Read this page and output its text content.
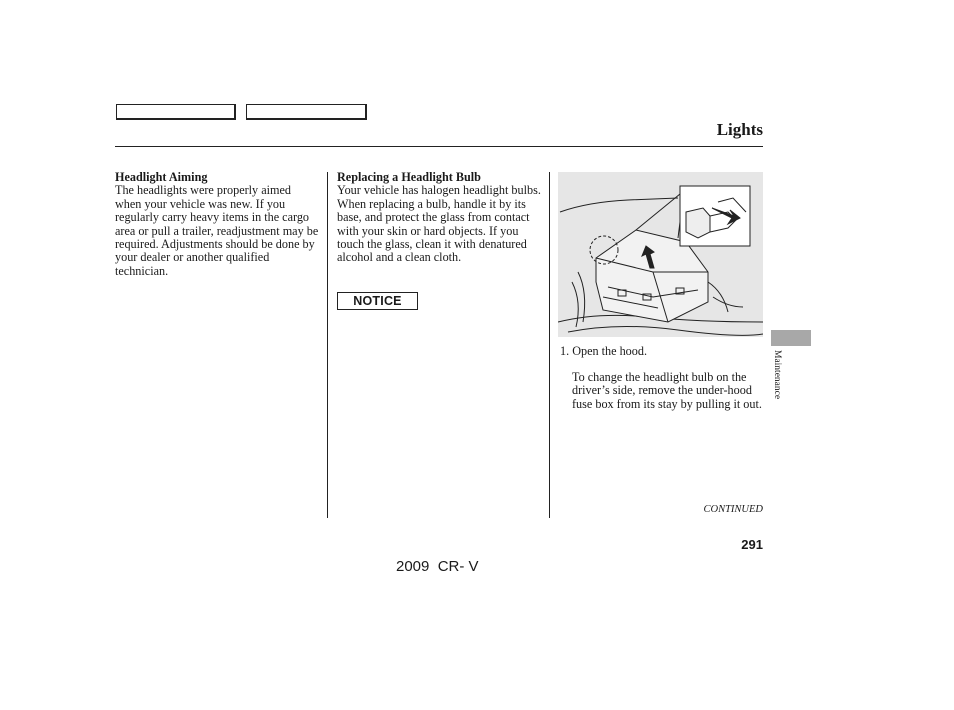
Lights
Headlight Aiming

The headlights were properly aimed when your vehicle was new. If you regularly carry heavy items in the cargo area or pull a trailer, readjustment may be required. Adjustments should be done by your dealer or another qualified technician.

Replacing a Headlight Bulb

Your vehicle has halogen headlight bulbs. When replacing a bulb, handle it by its base, and protect the glass from contact with your skin or hard objects. If you touch the glass, clean it with denatured alcohol and a clean cloth.

NOTICE
1. Open the hood.
To change the headlight bulb on the driver’s side, remove the under-hood fuse box from its stay by pulling it out.
Maintenance
CONTINUED
291
2009  CR- V
